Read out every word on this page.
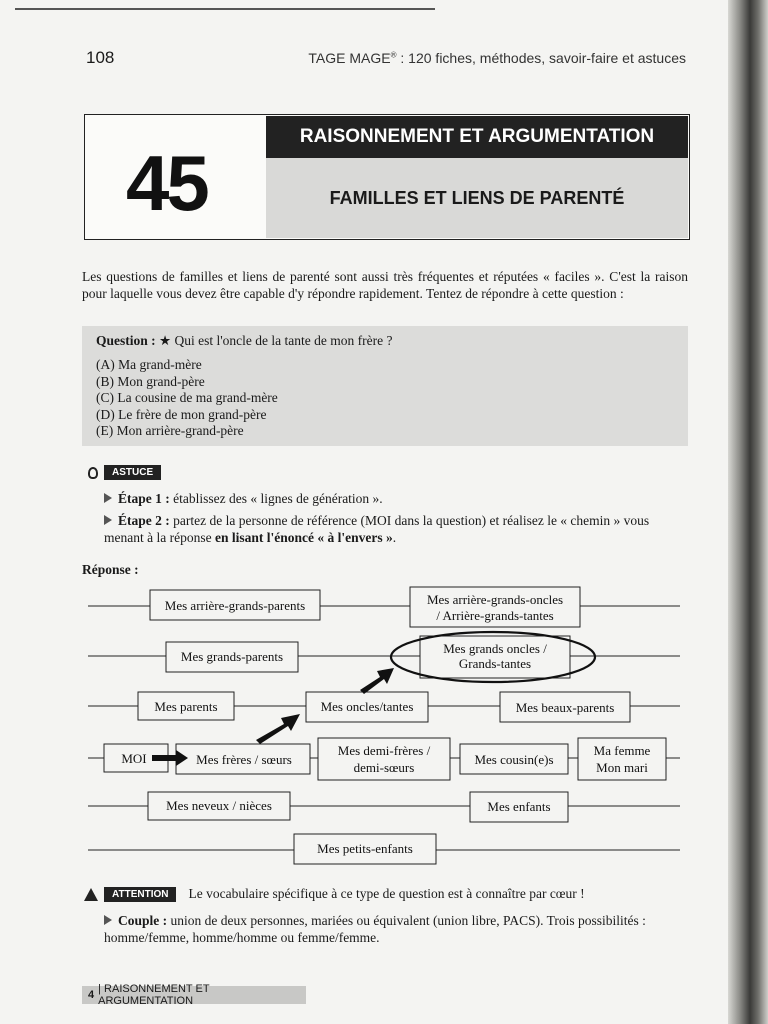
108	TAGE MAGE® : 120 fiches, méthodes, savoir-faire et astuces
45
RAISONNEMENT ET ARGUMENTATION
FAMILLES ET LIENS DE PARENTÉ
Les questions de familles et liens de parenté sont aussi très fréquentes et réputées « faciles ». C'est la raison pour laquelle vous devez être capable d'y répondre rapidement. Tentez de répondre à cette question :
Question : ★ Qui est l'oncle de la tante de mon frère ?
(A) Ma grand-mère
(B) Mon grand-père
(C) La cousine de ma grand-mère
(D) Le frère de mon grand-père
(E) Mon arrière-grand-père
ASTUCE
Étape 1 : établissez des « lignes de génération ».
Étape 2 : partez de la personne de référence (MOI dans la question) et réalisez le « chemin » vous menant à la réponse en lisant l'énoncé « à l'envers ».
Réponse :
Mes arrière-grands-parents	Mes arrière-grands-oncles
/ Arrière-grands-tantes
Mes grands-parents
Mes grands oncles /
Grands-tantes
Mes parents	Mes oncles/tantes	Mes beaux-parents
MOI	Mes frères / sœurs
Mes demi-frères /
demi-sœurs
Mes cousin(e)s
Ma femme
Mon mari
Mes neveux / nièces	Mes enfants
Mes petits-enfants
ATTENTION	Le vocabulaire spécifique à ce type de question est à connaître par cœur !
Couple : union de deux personnes, mariées ou équivalent (union libre, PACS). Trois possibilités : homme/femme, homme/homme ou femme/femme.
4 | RAISONNEMENT ET ARGUMENTATION
